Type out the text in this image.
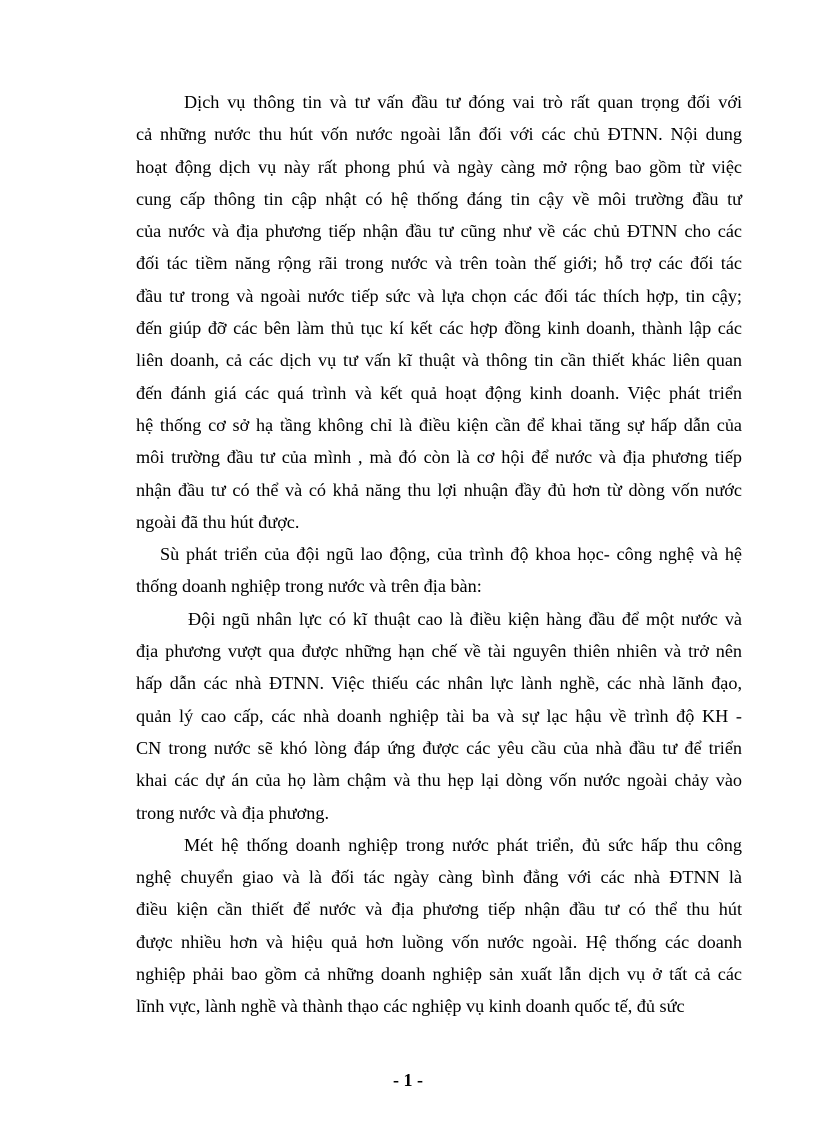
Dịch vụ thông tin và tư vấn đầu tư đóng vai trò rất quan trọng đối với
cả những nước thu hút vốn nước ngoài lẫn đối với các chủ ĐTNN. Nội dung
hoạt động dịch vụ này rất phong phú và ngày càng mở rộng bao gồm từ việc
cung cấp thông tin cập nhật có hệ thống đáng tin cậy về môi trường đầu tư
của nước và địa phương tiếp nhận đầu tư cũng như về các chủ ĐTNN cho các
đối tác tiềm năng rộng rãi trong nước và trên toàn thế giới; hỗ trợ các đối tác
đầu tư trong và ngoài nước tiếp sức và lựa chọn các đối tác thích hợp, tin cậy;
đến giúp đỡ các bên làm thủ tục kí kết các hợp đồng kinh doanh, thành lập các
liên doanh, cả các dịch vụ tư vấn kĩ thuật và thông tin cần thiết khác liên quan
đến đánh giá các quá trình và kết quả hoạt động kinh doanh. Việc phát triển
hệ thống cơ sở hạ tầng không chỉ là điều kiện cần để khai tăng sự hấp dẫn của
môi trường đầu tư của mình , mà đó còn là cơ hội để nước và địa phương tiếp
nhận đầu tư có thể và có khả năng thu lợi nhuận đầy đủ hơn từ dòng vốn nước
ngoài đã thu hút được.
Sù phát triển của đội ngũ lao động, của trình độ khoa học- công nghệ và hệ
thống doanh nghiệp trong nước và trên địa bàn:
Đội ngũ nhân lực có kĩ thuật cao là điều kiện hàng đầu để một nước và
địa phương vượt qua được những hạn chế về tài nguyên thiên nhiên và trở nên
hấp dẫn các nhà ĐTNN. Việc thiếu các nhân lực lành nghề, các nhà lãnh đạo,
quản lý cao cấp, các nhà doanh nghiệp tài ba và sự lạc hậu về trình độ KH -
CN trong nước sẽ khó lòng đáp ứng được các yêu cầu của nhà đầu tư để triển
khai các dự án của họ làm chậm và thu hẹp lại dòng vốn nước ngoài chảy vào
trong nước và địa phương.
Mét hệ thống doanh nghiệp trong nước phát triển, đủ sức hấp thu công
nghệ chuyển giao và là đối tác ngày càng bình đẳng với các nhà ĐTNN là
điều kiện cần thiết để nước và địa phương tiếp nhận đầu tư có thể thu hút
được nhiều hơn và hiệu quả hơn luồng vốn nước ngoài. Hệ thống các doanh
nghiệp phải bao gồm cả những doanh nghiệp sản xuất lẫn dịch vụ ở tất cả các
lĩnh vực, lành nghề và thành thạo các nghiệp vụ kinh doanh quốc tế, đủ sức
- 1 -
